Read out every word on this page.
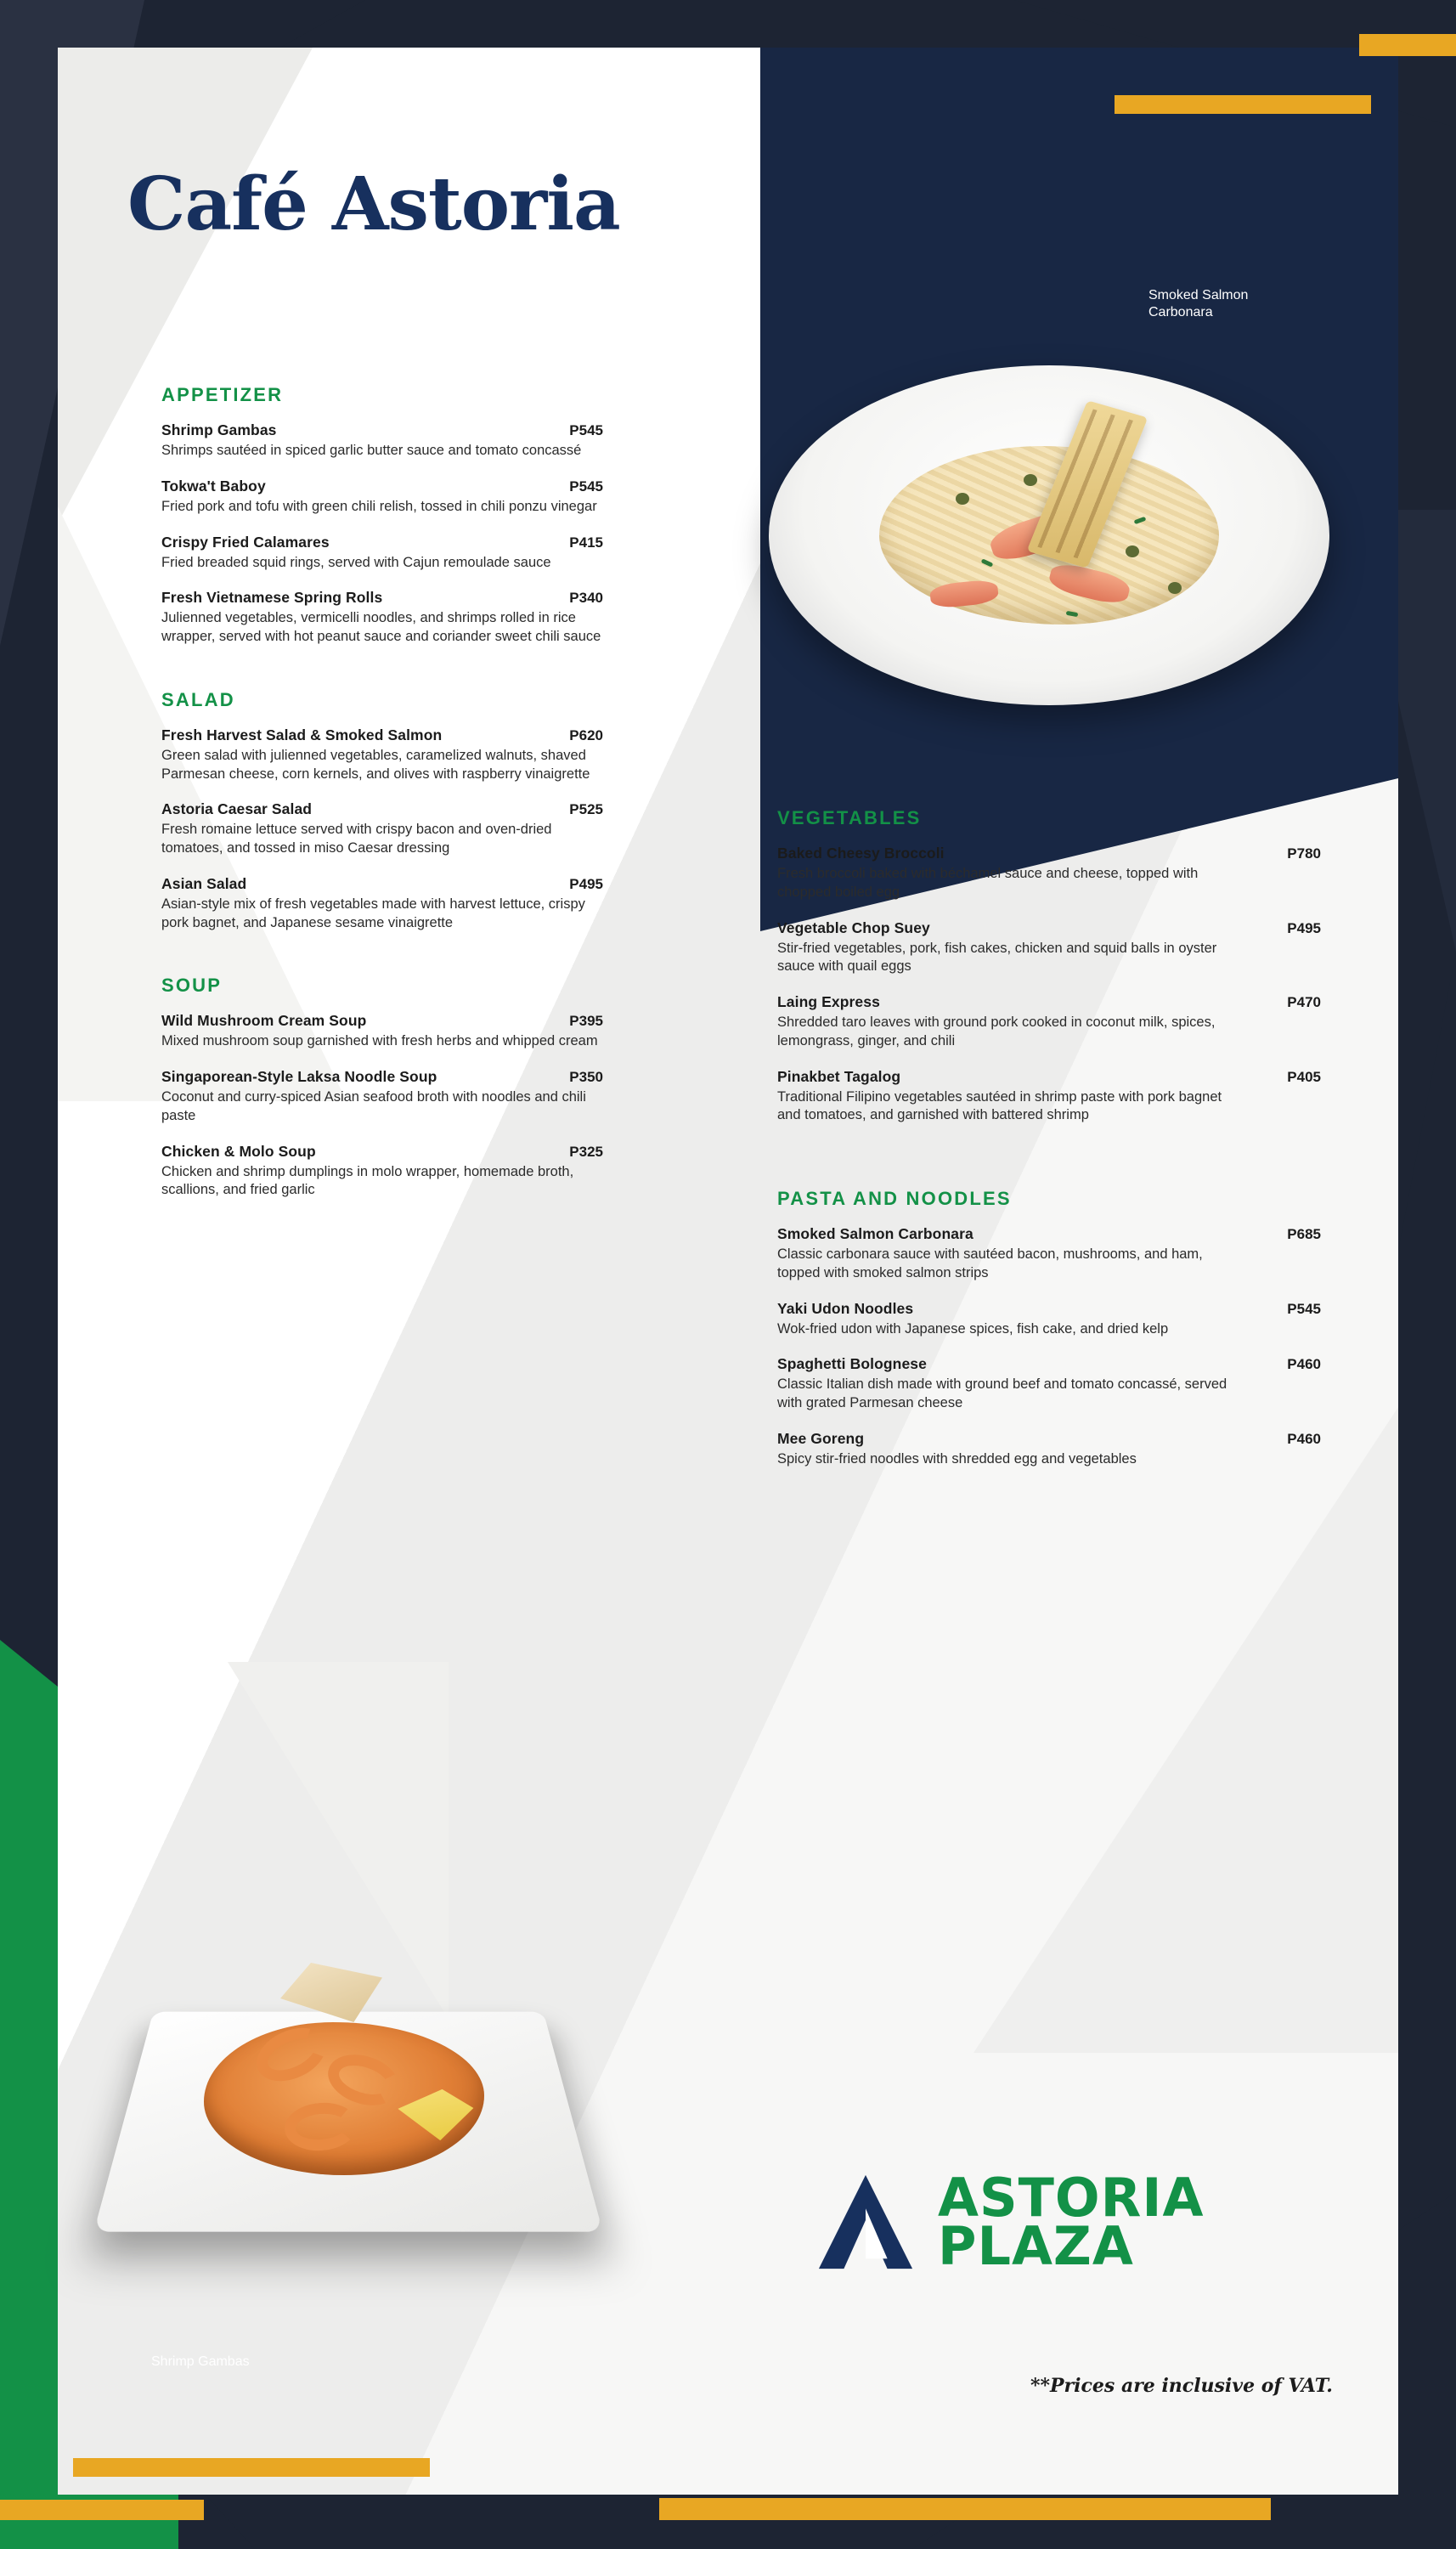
Smoked Salmon
Carbonara
Shrimp Gambas
Café Astoria
APPETIZER
Shrimp Gambas	P545
Shrimps sautéed in spiced garlic butter sauce and tomato concassé
Tokwa't Baboy	P545
Fried pork and tofu with green chili relish, tossed in chili ponzu vinegar
Crispy Fried Calamares	P415
Fried breaded squid rings, served with Cajun remoulade sauce
Fresh Vietnamese Spring Rolls	P340
Julienned vegetables, vermicelli noodles, and shrimps rolled in rice wrapper, served with hot peanut sauce and coriander sweet chili sauce
SALAD
Fresh Harvest Salad & Smoked Salmon	P620
Green salad with julienned vegetables, caramelized walnuts, shaved Parmesan cheese, corn kernels, and olives with raspberry vinaigrette
Astoria Caesar Salad	P525
Fresh romaine lettuce served with crispy bacon and oven-dried tomatoes, and tossed in miso Caesar dressing
Asian Salad	P495
Asian-style mix of fresh vegetables made with harvest lettuce, crispy pork bagnet, and Japanese sesame vinaigrette
SOUP
Wild Mushroom Cream Soup	P395
Mixed mushroom soup garnished with fresh herbs and whipped cream
Singaporean-Style Laksa Noodle Soup	P350
Coconut and curry-spiced Asian seafood broth with noodles and chili paste
Chicken & Molo Soup	P325
Chicken and shrimp dumplings in molo wrapper, homemade broth, scallions, and fried garlic
VEGETABLES
Baked Cheesy Broccoli	P780
Fresh broccoli baked with béchamel sauce and cheese, topped with chopped boiled egg
Vegetable Chop Suey	P495
Stir-fried vegetables, pork, fish cakes, chicken and squid balls in oyster sauce with quail eggs
Laing Express	P470
Shredded taro leaves with ground pork cooked in coconut milk, spices, lemongrass, ginger, and chili
Pinakbet Tagalog	P405
Traditional Filipino vegetables sautéed in shrimp paste with pork bagnet and tomatoes, and garnished with battered shrimp
PASTA AND NOODLES
Smoked Salmon Carbonara	P685
Classic carbonara sauce with sautéed bacon, mushrooms, and ham, topped with smoked salmon strips
Yaki Udon Noodles	P545
Wok-fried udon with Japanese spices, fish cake, and dried kelp
Spaghetti Bolognese	P460
Classic Italian dish made with ground beef and tomato concassé, served with grated Parmesan cheese
Mee Goreng	P460
Spicy stir-fried noodles with shredded egg and vegetables
ASTORIA
PLAZA
**Prices are inclusive of VAT.
